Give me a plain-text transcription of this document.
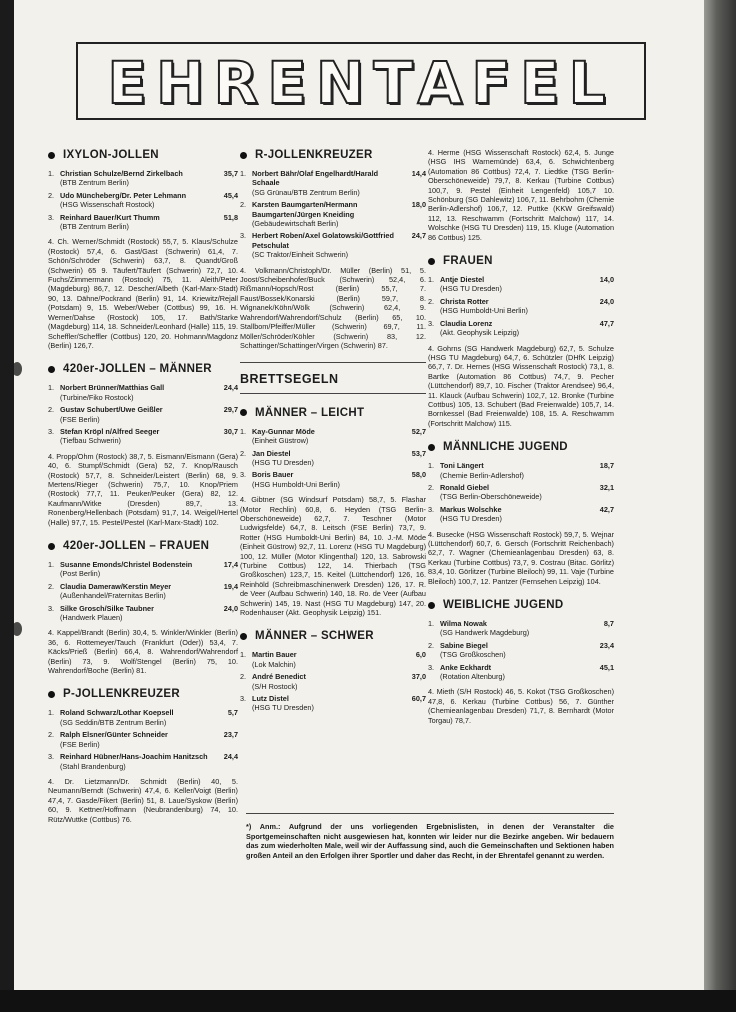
EHRENTAFEL
IXYLON-JOLLEN
1. Christian Schulze/Bernd Zirkelbach
(BTB Zentrum Berlin)
35,7
2. Udo Müncheberg/Dr. Peter Lehmann
(HSG Wissenschaft Rostock)
45,4
3. Reinhard Bauer/Kurt Thumm
(BTB Zentrum Berlin)
51,8
4. Ch. Werner/Schmidt (Rostock) 55,7, 5. Klaus/Schulze (Rostock) 57,4, 6. Gast/Gast (Schwerin) 61,4, 7. Schön/Schröder (Schwerin) 63,7, 8. Quandt/Groß (Schwerin) 65 9. Täufert/Täufert (Schwerin) 72,7, 10. Fuchs/Zimmermann (Rostock) 75, 11. Aleith/Peter (Magdeburg) 86,7, 12. Descher/Albeth (Karl-Marx-Stadt) 90, 13. Dähne/Pockrand (Berlin) 91, 14. Kriewitz/Rejall (Potsdam) 9, 15. Weber/Weber (Cottbus) 99, 16. H. Werner/Dahse (Rostock) 105, 17. Bath/Starke (Magdeburg) 114, 18. Schneider/Leonhard (Halle) 115, 19. Scheffler/Scheffler (Cottbus) 120, 20. Hohmann/Magdonz (Berlin) 126,7.
420er-JOLLEN – MÄNNER
1. Norbert Brünner/Matthias Gall
(Turbine/Fiko Rostock)
24,4
2. Gustav Schubert/Uwe Geißler
(FSE Berlin)
29,7
3. Stefan Kröpl n/Alfred Seeger
(Tiefbau Schwerin)
30,7
4. Propp/Ohm (Rostock) 38,7, 5. Eismann/Eismann (Gera) 40, 6. Stumpf/Schmidt (Gera) 52, 7. Knop/Rausch (Rostock) 57,7, 8. Schneider/Leistert (Berlin) 68, 9. Mertens/Rieger (Schwerin) 75,7, 10. Knop/Priem (Rostock) 77,7, 11. Peuker/Peuker (Gera) 82, 12. Kaufmann/Witke (Dresden) 89,7, 13. Ronenberg/Hellenbach (Potsdam) 91,7, 14. Weigel/Hertel (Halle) 97,7, 15. Pestel/Pestel (Karl-Marx-Stadt) 102.
420er-JOLLEN – FRAUEN
1. Susanne Emonds/Christel Bodenstein
(Post Berlin)
17,4
2. Claudia Dameraw/Kerstin Meyer
(Außenhandel/Fraternitas Berlin)
19,4
3. Silke Grosch/Silke Taubner
(Handwerk Plauen)
24,0
4. Kappel/Brandt (Berlin) 30,4, 5. Winkler/Winkler (Berlin) 36, 6. Rottemeyer/Tauch (Frankfurt (Oder)) 53,4, 7. Käcks/Prieß (Berlin) 66,4, 8. Wahrendorf/Wahrendorf (Berlin) 73, 9. Wolf/Stengel (Berlin) 75, 10. Wahrendorf/Boche (Berlin) 81.
P-JOLLENKREUZER
1. Roland Schwarz/Lothar Koepsell
(SG Seddin/BTB Zentrum Berlin)
5,7
2. Ralph Elsner/Günter Schneider
(FSE Berlin)
23,7
3. Reinhard Hübner/Hans-Joachim Hanitzsch
(Stahl Brandenburg)
24,4
4. Dr. Lietzmann/Dr. Schmidt (Berlin) 40, 5. Neumann/Berndt (Schwerin) 47,4, 6. Keller/Voigt (Berlin) 47,4, 7. Gasde/Fikert (Berlin) 51, 8. Laue/Syskow (Berlin) 60, 9. Kettner/Hoffmann (Neubrandenburg) 74, 10. Rütz/Wuttke (Cottbus) 76.
R-JOLLENKREUZER
1. Norbert Bähr/Olaf Engelhardt/Harald Schaale
(SG Grünau/BTB Zentrum Berlin)
14,4
2. Karsten Baumgarten/Hermann Baumgarten/Jürgen Kneiding
(Gebäudewirtschaft Berlin)
18,0
3. Herbert Roben/Axel Golatowski/Gottfried Petschulat
(SC Traktor/Einheit Schwerin)
24,7
4. Volkmann/Christoph/Dr. Müller (Berlin) 51, 5. Joost/Scheibenhofer/Buck (Schwerin) 52,4, 6. Rißmann/Hopsch/Rost (Berlin) 55,7, 7. Faust/Bossek/Konarski (Berlin) 59,7, 8. Wignanek/Köhn/Wölk (Schwerin) 62,4, 9. Wahrendorf/Wahrendorf/Schulz (Berlin) 65, 10. Stallbom/Pfeiffer/Müller (Schwerin) 69,7, 11. Möller/Schröder/Köhler (Schwerin) 83, 12. Schattinger/Schattinger/Virgen (Schwerin) 87.
BRETTSEGELN
MÄNNER – LEICHT
1. Kay-Gunnar Möde
(Einheit Güstrow)
52,7
2. Jan Diestel
(HSG TU Dresden)
53,7
3. Boris Bauer
(HSG Humboldt-Uni Berlin)
58,0
4. Gibtner (SG Windsurf Potsdam) 58,7, 5. Flashar (Motor Rechlin) 60,8, 6. Heyden (TSG Berlin-Oberschöneweide) 62,7, 7. Teschner (Motor Ludwigsfelde) 64,7, 8. Leitsch (FSE Berlin) 73,7, 9. Rotter (HSG Humboldt-Uni Berlin) 84, 10. J.-M. Möde (Einheit Güstrow) 92,7, 11. Lorenz (HSG TU Magdeburg) 100, 12. Müller (Motor Klingenthal) 120, 13. Sabrowski (Turbine Cottbus) 122, 14. Thierbach (TSG Großkoschen) 123,7, 15. Keitel (Lüttchendorf) 126, 16. Reinhöld (Schreibmaschinenwerk Dresden) 126, 17. R. de Veer (Aufbau Schwerin) 140, 18. Ro. de Veer (Aufbau Schwerin) 145, 19. Nast (HSG TU Magdeburg) 147, 20. Rodenhauser (Akt. Geophysik Leipzig) 151.
MÄNNER – SCHWER
1. Martin Bauer
(Lok Malchin)
6,0
2. André Benedict
(S/H Rostock)
37,0
3. Lutz Distel
(HSG TU Dresden)
60,7
4. Herme (HSG Wissenschaft Rostock) 62,4, 5. Junge (HSG IHS Warnemünde) 63,4, 6. Schwichtenberg (Automation 86 Cottbus) 72,4, 7. Liedtke (TSG Berlin-Oberschöneweide) 79,7, 8. Kerkau (Turbine Cottbus) 100,7, 9. Pestel (Einheit Lengenfeld) 105,7 10. Schönburg (SG Dahlewitz) 106,7, 11. Behrbohm (Chemie Berlin-Adlershof) 106,7, 12. Puttke (KKW Greifswald) 112, 13. Reschwamm (Fortschritt Malchow) 117, 14. Wolschke (HSG TU Dresden) 119, 15. Kluge (Automation 86 Cottbus) 125.
FRAUEN
1. Antje Diestel
(HSG TU Dresden)
14,0
2. Christa Rotter
(HSG Humboldt-Uni Berlin)
24,0
3. Claudia Lorenz
(Akt. Geophysik Leipzig)
47,7
4. Gohrns (SG Handwerk Magdeburg) 62,7, 5. Schulze (HSG TU Magdeburg) 64,7, 6. Schützler (DHfK Leipzig) 66,7, 7. Dr. Hernes (HSG Wissenschaft Rostock) 73,1, 8. Bartke (Automation 86 Cottbus) 74,7, 9. Pecher (Lüttchendorf) 89,7, 10. Fischer (Traktor Arendsee) 96,4, 11. Klauck (Aufbau Schwerin) 102,7, 12. Bronke (Turbine Cottbus) 105, 13. Schubert (Bad Freienwalde) 105,7, 14. Bornkessel (Bad Freienwalde) 108, 15. A. Reschwamm (Fortschritt Malchow) 115.
MÄNNLICHE JUGEND
1. Toni Längert
(Chemie Berlin-Adlershof)
18,7
2. Ronald Giebel
(TSG Berlin-Oberschöneweide)
32,1
3. Markus Wolschke
(HSG TU Dresden)
42,7
4. Busecke (HSG Wissenschaft Rostock) 59,7, 5. Wejnar (Lüttchendorf) 60,7, 6. Gersch (Fortschritt Reichenbach) 62,7, 7. Wagner (Chemieanlagenbau Dresden) 63, 8. Kerkau (Turbine Cottbus) 73,7, 9. Costrau (Bitac. Görlitz) 83,4, 10. Görlitzer (Turbine Bleiloch) 99, 11. Vaje (Turbine Bleiloch) 100,7, 12. Pantzer (Fernsehen Leipzig) 104.
WEIBLICHE JUGEND
1. Wilma Nowak
(SG Handwerk Magdeburg)
8,7
2. Sabine Biegel
(TSG Großkoschen)
23,4
3. Anke Eckhardt
(Rotation Altenburg)
45,1
4. Mieth (S/H Rostock) 46, 5. Kokot (TSG Großkoschen) 47,8, 6. Kerkau (Turbine Cottbus) 56, 7. Günther (Chemieanlagenbau Dresden) 71,7, 8. Bernhardt (Motor Torgau) 78,7.
*) Anm.: Aufgrund der uns vorliegenden Ergebnislisten, in denen der Veranstalter die Sportgemeinschaften nicht ausgewiesen hat, konnten wir leider nur die Bezirke angeben. Wir bedauern das zum wiederholten Male, weil wir der Auffassung sind, auch die Gemeinschaften und Sektionen haben großen Anteil an den Erfolgen ihrer Sportler und daher das Recht, in der Ehrentafel genannt zu werden.
